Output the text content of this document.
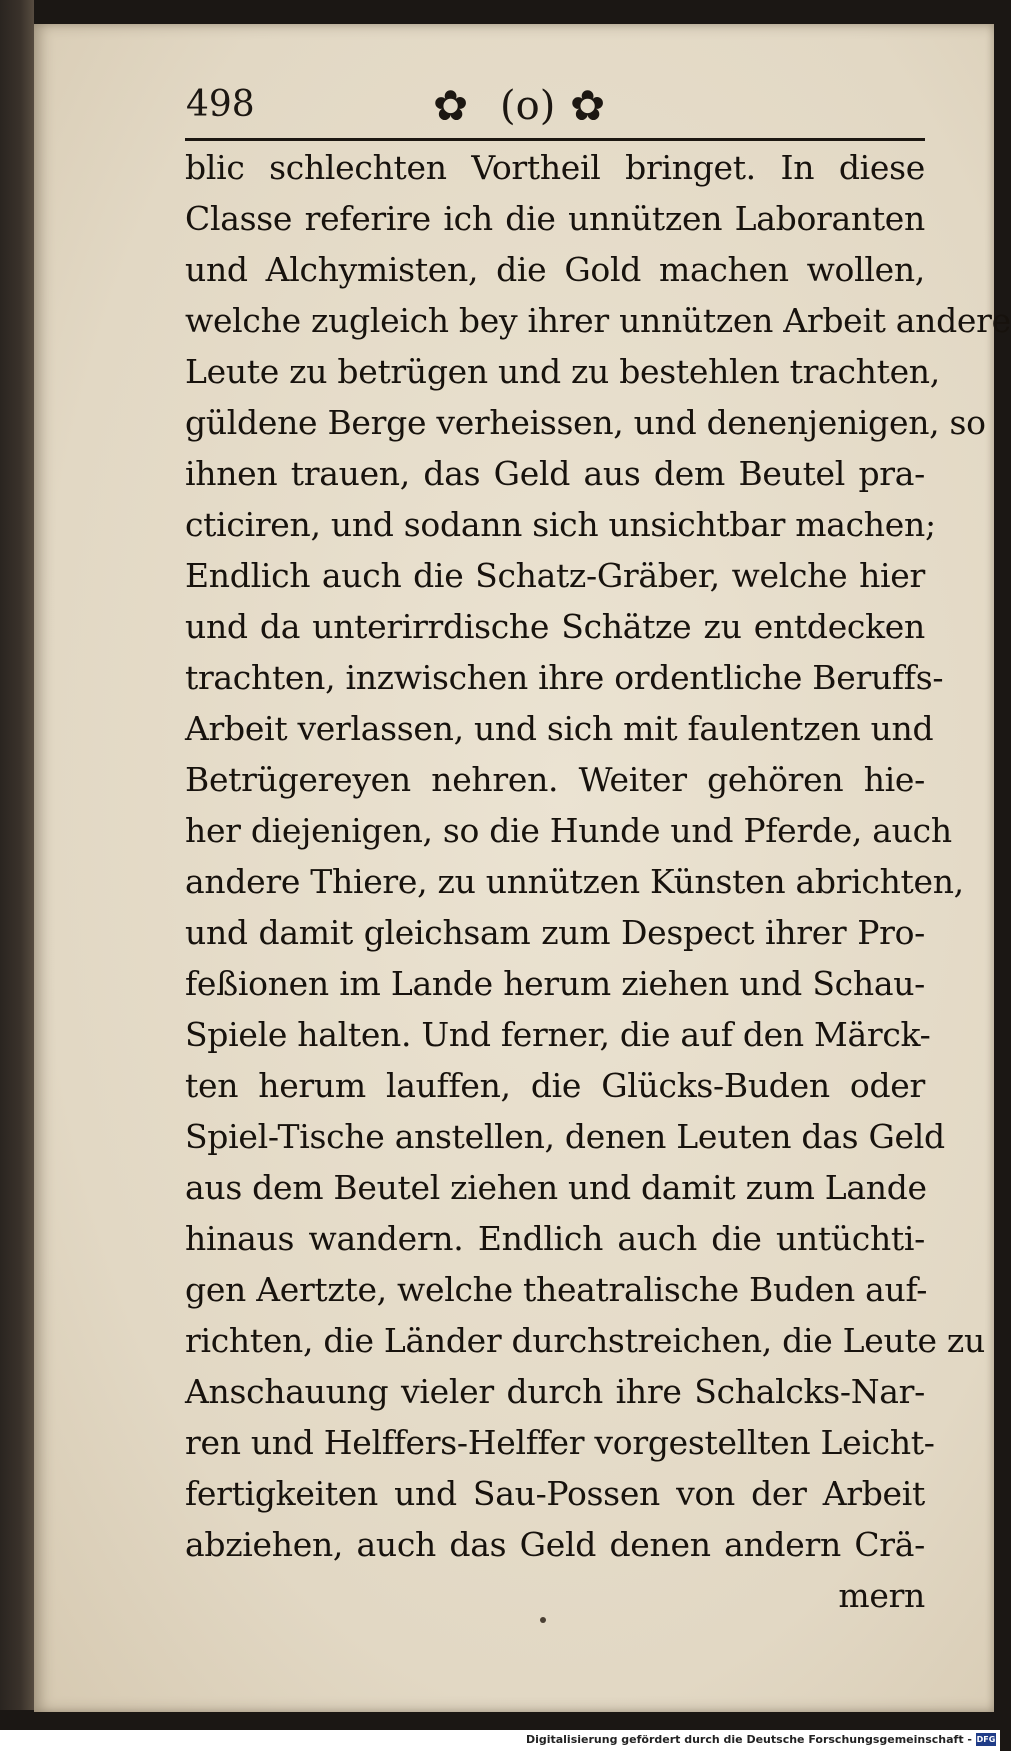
498	✿ (o) ✿
blic schlechten Vortheil bringet. In diese
Classe referire ich die unnützen Laboranten
und Alchymisten, die Gold machen wollen,
welche zugleich bey ihrer unnützen Arbeit andere
Leute zu betrügen und zu bestehlen trachten,
güldene Berge verheissen, und denenjenigen, so
ihnen trauen, das Geld aus dem Beutel pra-
cticiren, und sodann sich unsichtbar machen;
Endlich auch die Schatz-Gräber, welche hier
und da unterirrdische Schätze zu entdecken
trachten, inzwischen ihre ordentliche Beruffs-
Arbeit verlassen, und sich mit faulentzen und
Betrügereyen nehren. Weiter gehören hie-
her diejenigen, so die Hunde und Pferde, auch
andere Thiere, zu unnützen Künsten abrichten,
und damit gleichsam zum Despect ihrer Pro-
feßionen im Lande herum ziehen und Schau-
Spiele halten. Und ferner, die auf den Märck-
ten herum lauffen, die Glücks-Buden oder
Spiel-Tische anstellen, denen Leuten das Geld
aus dem Beutel ziehen und damit zum Lande
hinaus wandern. Endlich auch die untüchti-
gen Aertzte, welche theatralische Buden auf-
richten, die Länder durchstreichen, die Leute zu
Anschauung vieler durch ihre Schalcks-Nar-
ren und Helffers-Helffer vorgestellten Leicht-
fertigkeiten und Sau-Possen von der Arbeit
abziehen, auch das Geld denen andern Crä-
mern
Digitalisierung gefördert durch die Deutsche Forschungsgemeinschaft - DFG
